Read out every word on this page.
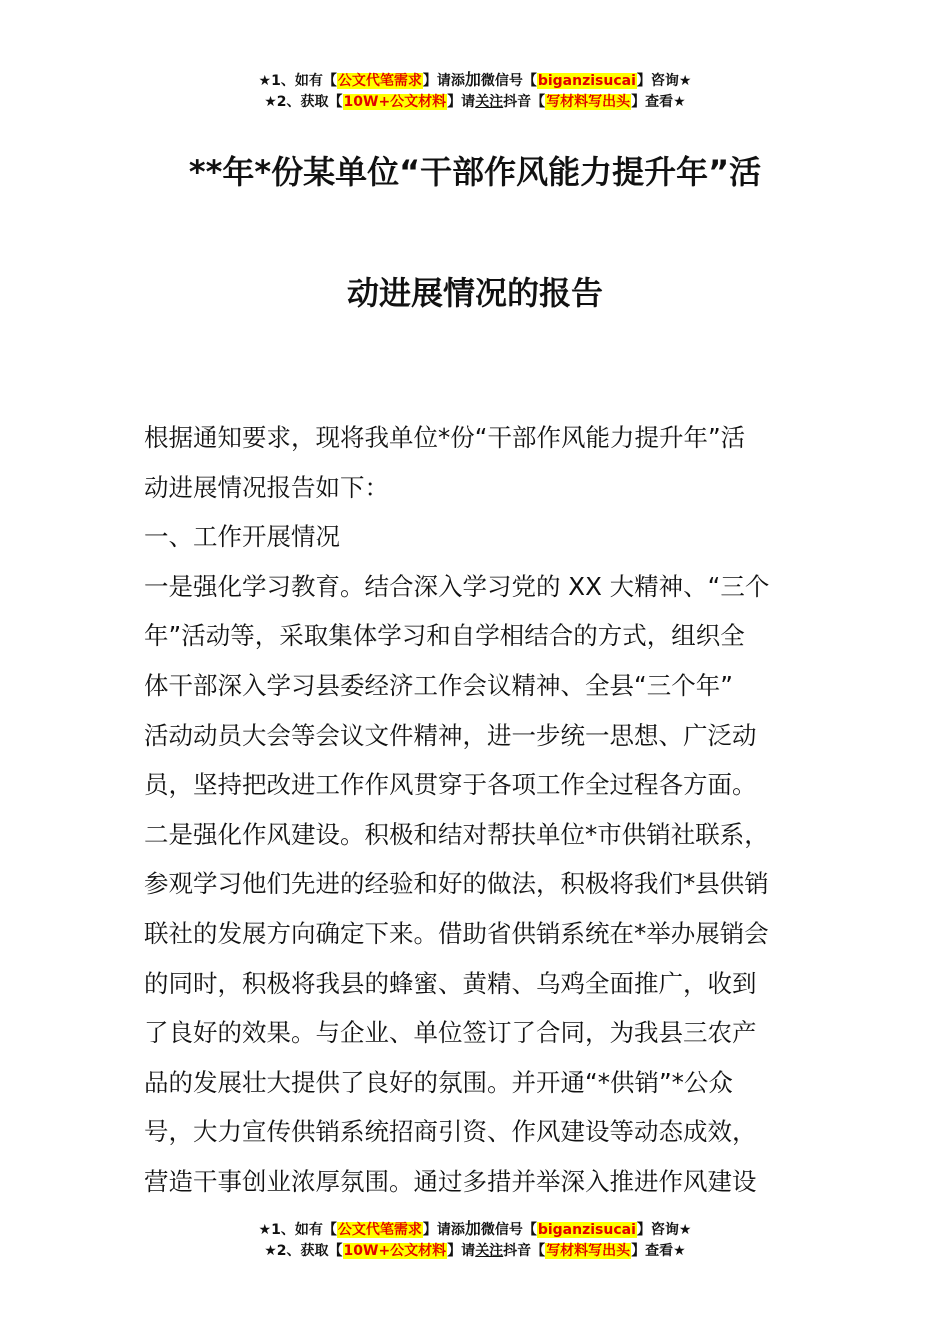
★1、如有【公文代笔需求】请添加微信号【biganzisucai】咨询★
★2、获取【10W+公文材料】请关注抖音【写材料写出头】查看★
**年*份某单位“干部作风能力提升年”活
动进展情况的报告
根据通知要求，现将我单位*份“干部作风能力提升年”活
动进展情况报告如下：
一、工作开展情况
一是强化学习教育。结合深入学习党的 XX 大精神、“三个
年”活动等，采取集体学习和自学相结合的方式，组织全
体干部深入学习县委经济工作会议精神、全县“三个年”
活动动员大会等会议文件精神，进一步统一思想、广泛动
员，坚持把改进工作作风贯穿于各项工作全过程各方面。
二是强化作风建设。积极和结对帮扶单位*市供销社联系，
参观学习他们先进的经验和好的做法，积极将我们*县供销
联社的发展方向确定下来。借助省供销系统在*举办展销会
的同时，积极将我县的蜂蜜、黄精、乌鸡全面推广，收到
了良好的效果。与企业、单位签订了合同，为我县三农产
品的发展壮大提供了良好的氛围。并开通“*供销”*公众
号，大力宣传供销系统招商引资、作风建设等动态成效，
营造干事创业浓厚氛围。通过多措并举深入推进作风建设
★1、如有【公文代笔需求】请添加微信号【biganzisucai】咨询★
★2、获取【10W+公文材料】请关注抖音【写材料写出头】查看★
